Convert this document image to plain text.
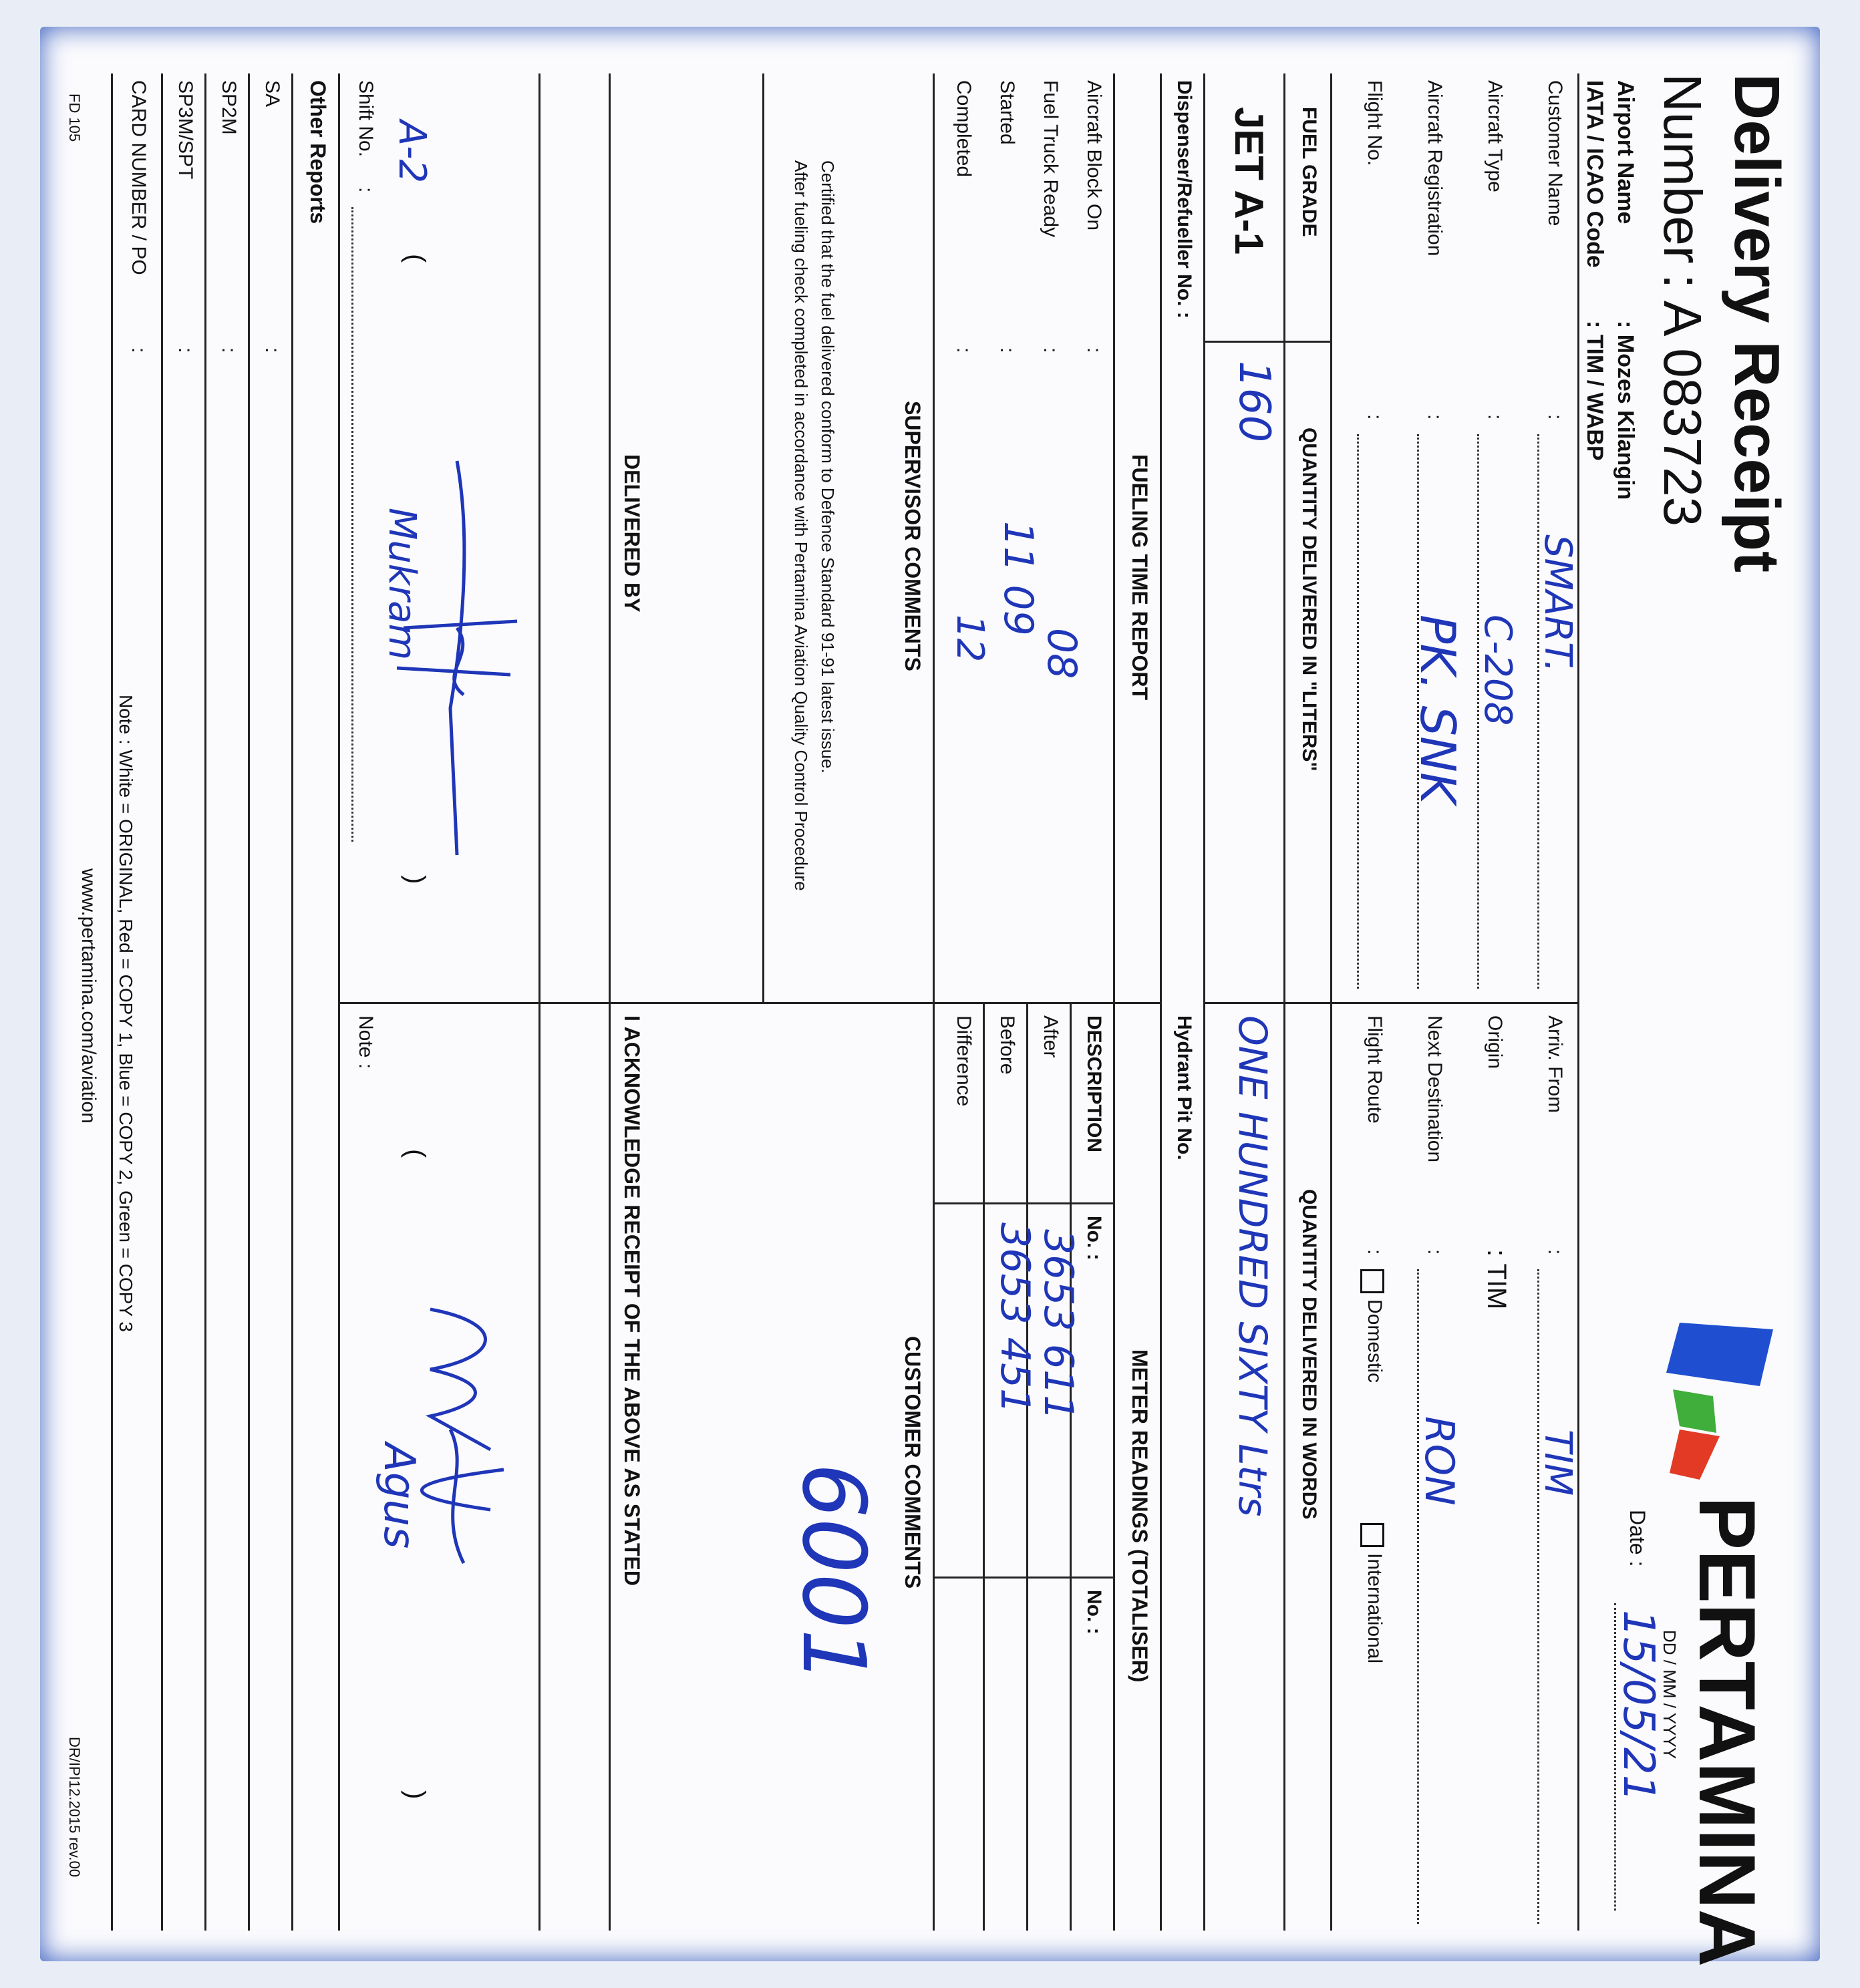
Delivery Receipt
Number
: A 083723
Airport Name
: Mozes Kilangin
IATA / ICAO Code
: TIM / WABP
PERTAMINA
DD / MM / YYYY
Date :
15/05/21
Customer Name
:
SMART.
Aircraft Type
:
C-208
Aircraft Registration
:
PK. SNK
Flight No.
:
Arriv. From
:
TIM
Origin
: TIM
Next Destination
:
RON
Flight Route
:
Domestic
International
FUEL GRADE
QUANTITY DELIVERED IN "LITERS"
QUANTITY DELIVERED IN WORDS
JET A-1
160
ONE HUNDRED SIXTY Ltrs
Dispenser/Refueller No. :
Hydrant Pit No.
FUELING TIME REPORT
METER READINGS (TOTALISER)
Aircraft Block On
:
Fuel Truck Ready
:
08
Started
:
11 09
Completed
:
12
DESCRIPTION
No. :
No. :
After
3653 611
Before
3653 451
Difference
SUPERVISOR COMMENTS
CUSTOMER COMMENTS
6001
Certified that the fuel delivered conform to Defence Standard 91-91 latest issue.
After fueling check completed in accordance with Pertamina Aviation Quality Control Procedure
DELIVERED BY
I ACKNOWLEDGE RECEIPT OF THE ABOVE AS STATED
Mukram
Agus
A-2
(
)
(
)
Shift No.
:
Note :
Other Reports
SA
:
SP2M
:
SP3M/SPT
:
CARD NUMBER / PO
:
Note : White = ORIGINAL, Red = COPY 1, Blue = COPY 2, Green = COPY 3
www.pertamina.com/aviation
FD 105
DR/IPI12.2015 rev.00
